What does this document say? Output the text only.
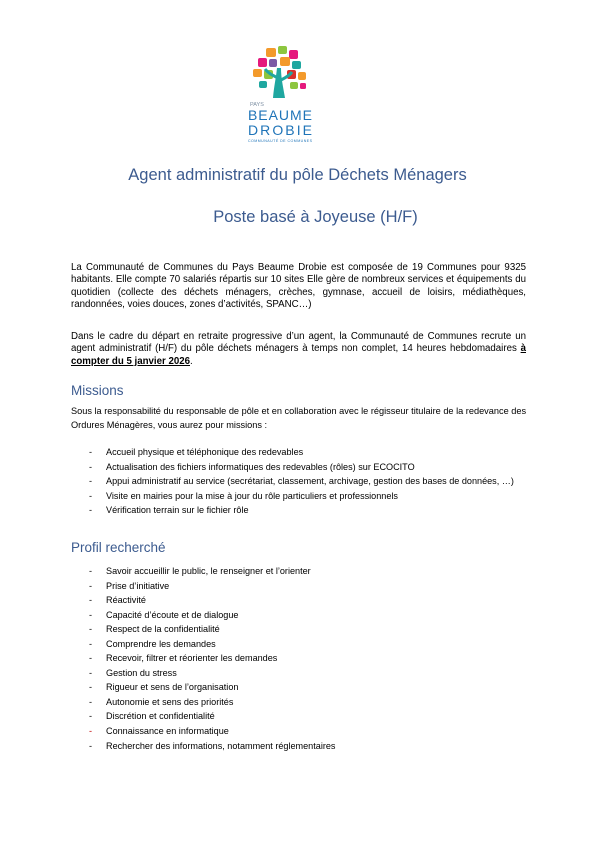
PAYS
BEAUME
DROBIE
COMMUNAUTÉ DE COMMUNES
Agent administratif du pôle Déchets Ménagers
Poste basé à Joyeuse (H/F)

La Communauté de Communes du Pays Beaume Drobie est composée de 19 Communes pour 9325 habitants. Elle compte 70 salariés répartis sur 10 sites Elle gère de nombreux services et équipements du quotidien (collecte des déchets ménagers, crèches, gymnase, accueil de loisirs, médiathèques, randonnées, voies douces, zones d’activités, SPANC…)

Dans le cadre du départ en retraite progressive d’un agent, la Communauté de Communes recrute un agent administratif (H/F) du pôle déchets ménagers à temps non complet, 14 heures hebdomadaires à compter du 5 janvier 2026.

Missions

Sous la responsabilité du responsable de pôle et en collaboration avec le régisseur titulaire de la redevance des Ordures Ménagères, vous aurez pour missions :

- Accueil physique et téléphonique des redevables
- Actualisation des fichiers informatiques des redevables (rôles) sur ECOCITO
- Appui administratif au service (secrétariat, classement, archivage, gestion des bases de données, …)
- Visite en mairies pour la mise à jour du rôle particuliers et professionnels
- Vérification terrain sur le fichier rôle
Profil recherché
- Savoir accueillir le public, le renseigner et l’orienter
- Prise d’initiative
- Réactivité
- Capacité d’écoute et de dialogue
- Respect de la confidentialité
- Comprendre les demandes
- Recevoir, filtrer et réorienter les demandes
- Gestion du stress
- Rigueur et sens de l’organisation
- Autonomie et sens des priorités
- Discrétion et confidentialité
- Connaissance en informatique
- Rechercher des informations, notamment réglementaires
